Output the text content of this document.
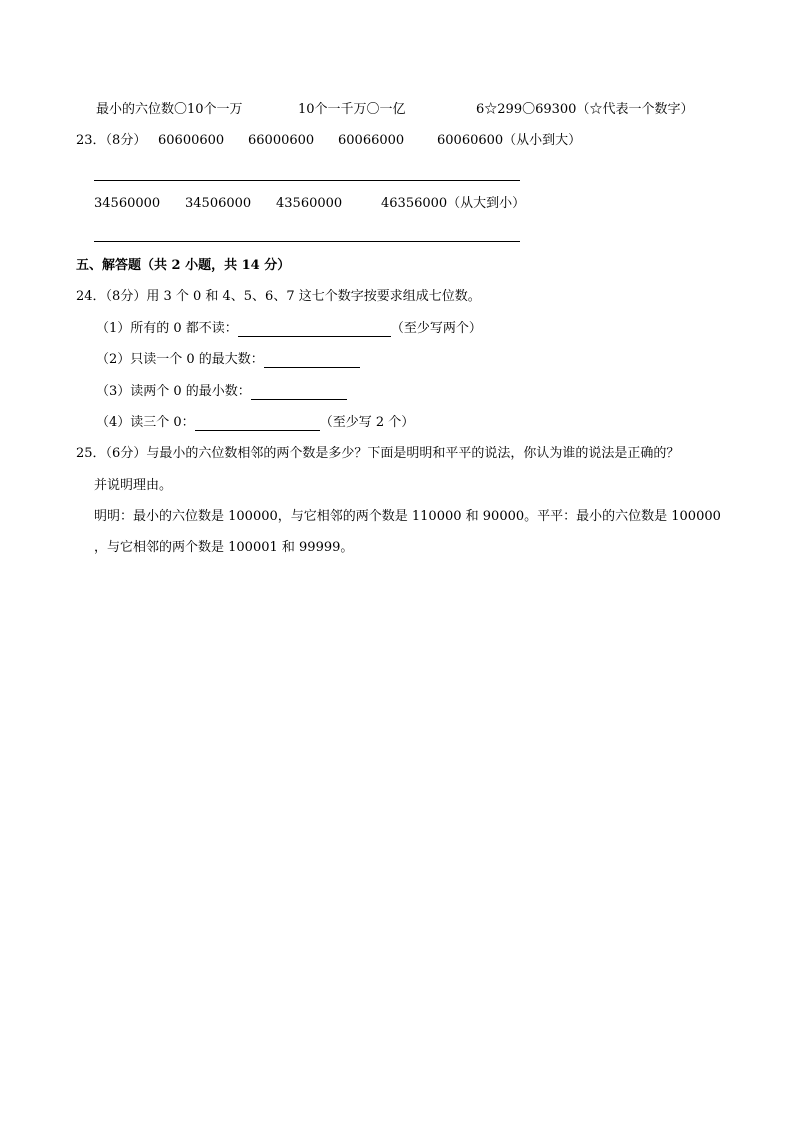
最小的六位数〇10个一万	10个一千万〇一亿	6☆299〇69300（☆代表一个数字）
23．（8分） 60600600 66000600 60066000	60060600（从小到大）
34560000 34506000 43560000	46356000（从大到小）
五、解答题（共 2 小题，共 14 分）
24．（8分）用 3 个 0 和 4、5、6、7 这七个数字按要求组成七位数。
（1）所有的 0 都不读：	（至少写两个）
（2）只读一个 0 的最大数：
（3）读两个 0 的最小数：
（4）读三个 0：	（至少写 2 个）
25．（6分）与最小的六位数相邻的两个数是多少？下面是明明和平平的说法，你认为谁的说法是正确的？
并说明理由。
明明：最小的六位数是 100000，与它相邻的两个数是 110000 和 90000。平平：最小的六位数是 100000
，与它相邻的两个数是 100001 和 99999。
